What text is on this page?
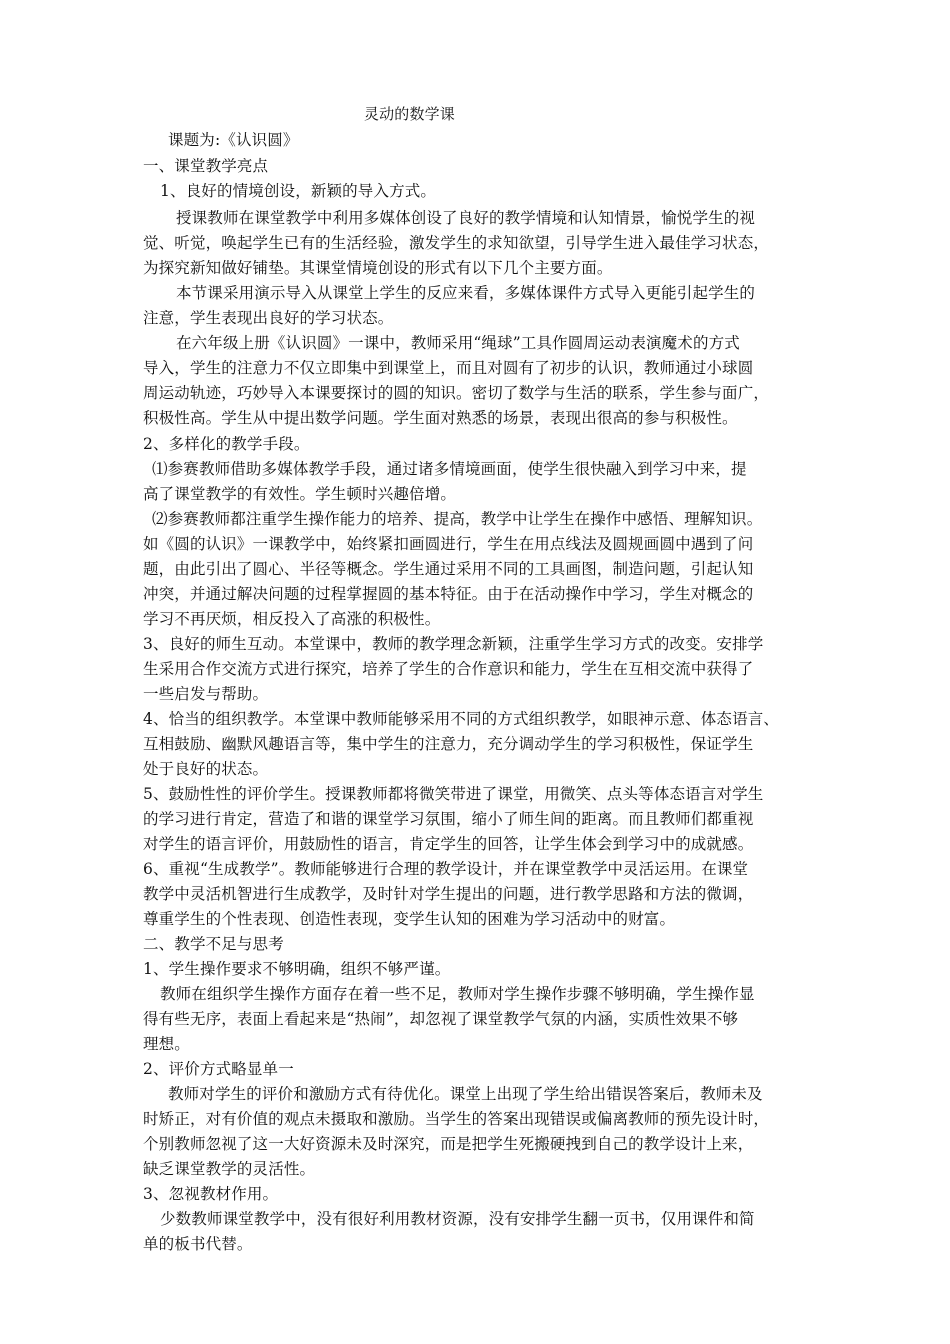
灵动的数学课
课题为:《认识圆》
一、课堂教学亮点
1、良好的情境创设，新颖的导入方式。
授课教师在课堂教学中利用多媒体创设了良好的教学情境和认知情景，愉悦学生的视
觉、听觉，唤起学生已有的生活经验，激发学生的求知欲望，引导学生进入最佳学习状态，
为探究新知做好铺垫。其课堂情境创设的形式有以下几个主要方面。
本节课采用演示导入从课堂上学生的反应来看，多媒体课件方式导入更能引起学生的
注意，学生表现出良好的学习状态。
在六年级上册《认识圆》一课中，教师采用“绳球”工具作圆周运动表演魔术的方式
导入，学生的注意力不仅立即集中到课堂上，而且对圆有了初步的认识，教师通过小球圆
周运动轨迹，巧妙导入本课要探讨的圆的知识。密切了数学与生活的联系，学生参与面广，
积极性高。学生从中提出数学问题。学生面对熟悉的场景，表现出很高的参与积极性。
2、多样化的教学手段。
⑴参赛教师借助多媒体教学手段，通过诸多情境画面，使学生很快融入到学习中来，提
高了课堂教学的有效性。学生顿时兴趣倍增。
⑵参赛教师都注重学生操作能力的培养、提高，教学中让学生在操作中感悟、理解知识。
如《圆的认识》一课教学中，始终紧扣画圆进行，学生在用点线法及圆规画圆中遇到了问
题，由此引出了圆心、半径等概念。学生通过采用不同的工具画图，制造问题，引起认知
冲突，并通过解决问题的过程掌握圆的基本特征。由于在活动操作中学习，学生对概念的
学习不再厌烦，相反投入了高涨的积极性。
3、良好的师生互动。本堂课中，教师的教学理念新颖，注重学生学习方式的改变。安排学
生采用合作交流方式进行探究，培养了学生的合作意识和能力，学生在互相交流中获得了
一些启发与帮助。
4、恰当的组织教学。本堂课中教师能够采用不同的方式组织教学，如眼神示意、体态语言、
互相鼓励、幽默风趣语言等，集中学生的注意力，充分调动学生的学习积极性，保证学生
处于良好的状态。
5、鼓励性性的评价学生。授课教师都将微笑带进了课堂，用微笑、点头等体态语言对学生
的学习进行肯定，营造了和谐的课堂学习氛围，缩小了师生间的距离。而且教师们都重视
对学生的语言评价，用鼓励性的语言，肯定学生的回答，让学生体会到学习中的成就感。
6、重视“生成教学”。教师能够进行合理的教学设计，并在课堂教学中灵活运用。在课堂
教学中灵活机智进行生成教学，及时针对学生提出的问题，进行教学思路和方法的微调，
尊重学生的个性表现、创造性表现，变学生认知的困难为学习活动中的财富。
二、教学不足与思考
1、学生操作要求不够明确，组织不够严谨。
教师在组织学生操作方面存在着一些不足，教师对学生操作步骤不够明确，学生操作显
得有些无序，表面上看起来是“热闹”，却忽视了课堂教学气氛的内涵，实质性效果不够
理想。
2、评价方式略显单一
教师对学生的评价和激励方式有待优化。课堂上出现了学生给出错误答案后，教师未及
时矫正，对有价值的观点未摄取和激励。当学生的答案出现错误或偏离教师的预先设计时，
个别教师忽视了这一大好资源未及时深究，而是把学生死搬硬拽到自己的教学设计上来，
缺乏课堂教学的灵活性。
3、忽视教材作用。
少数教师课堂教学中，没有很好利用教材资源，没有安排学生翻一页书，仅用课件和简
单的板书代替。
